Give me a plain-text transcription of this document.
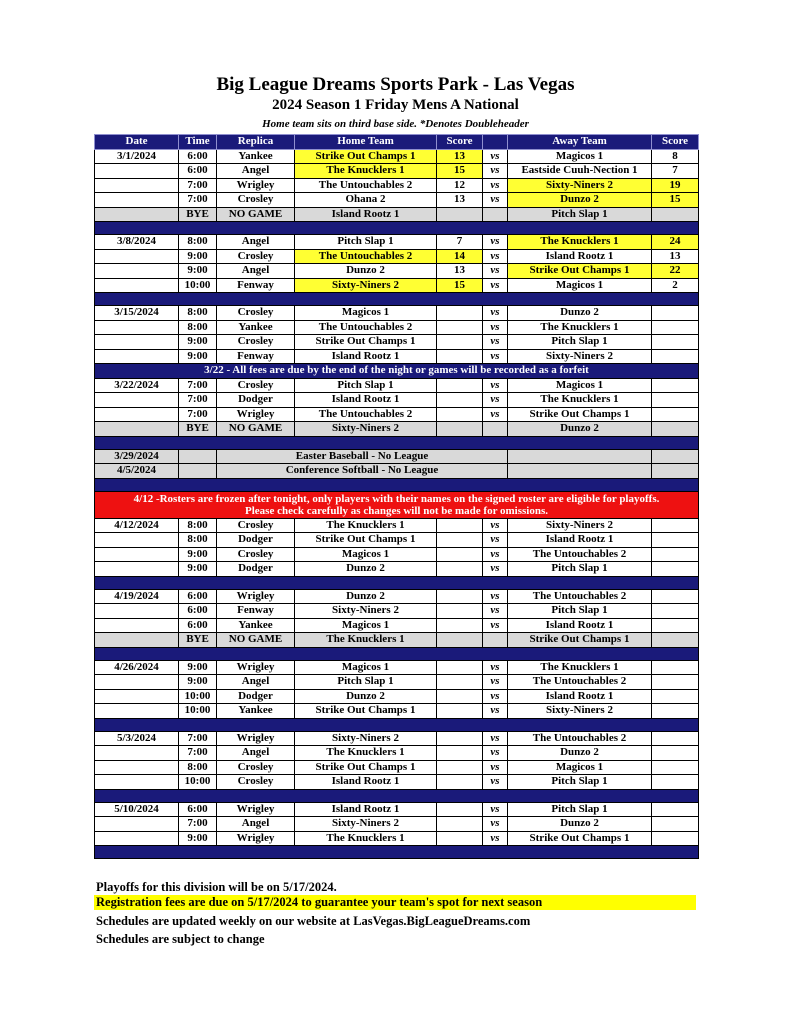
Big League Dreams Sports Park - Las Vegas
2024 Season 1 Friday Mens A National
Home team sits on third base side. *Denotes Doubleheader
Date	Time	Replica	Home Team	Score		Away Team	Score
3/1/2024	6:00	Yankee	Strike Out Champs 1	13	vs	Magicos 1	8
	6:00	Angel	The Knucklers 1	15	vs	Eastside Cuuh-Nection 1	7
	7:00	Wrigley	The Untouchables 2	12	vs	Sixty-Niners 2	19
	7:00	Crosley	Ohana 2	13	vs	Dunzo 2	15
	BYE	NO GAME	Island Rootz 1			Pitch Slap 1	

3/8/2024	8:00	Angel	Pitch Slap 1	7	vs	The Knucklers 1	24
	9:00	Crosley	The Untouchables 2	14	vs	Island Rootz 1	13
	9:00	Angel	Dunzo 2	13	vs	Strike Out Champs 1	22
	10:00	Fenway	Sixty-Niners 2	15	vs	Magicos 1	2

3/15/2024	8:00	Crosley	Magicos 1		vs	Dunzo 2	
	8:00	Yankee	The Untouchables 2		vs	The Knucklers 1	
	9:00	Crosley	Strike Out Champs 1		vs	Pitch Slap 1	
	9:00	Fenway	Island Rootz 1		vs	Sixty-Niners 2	
3/22 - All fees are due by the end of the night or games will be recorded as a forfeit							
3/22/2024	7:00	Crosley	Pitch Slap 1		vs	Magicos 1	
	7:00	Dodger	Island Rootz 1		vs	The Knucklers 1	
	7:00	Wrigley	The Untouchables 2		vs	Strike Out Champs 1	
	BYE	NO GAME	Sixty-Niners 2			Dunzo 2	

3/29/2024		Easter Baseball - No League					
4/5/2024		Conference Softball - No League					

4/12 -Rosters are frozen after tonight, only players with their names on the signed roster are eligible for playoffs.
Please check carefully as changes will not be made for omissions.							

4/12/2024	8:00	Crosley	The Knucklers 1		vs	Sixty-Niners 2	
	8:00	Dodger	Strike Out Champs 1		vs	Island Rootz 1	
	9:00	Crosley	Magicos 1		vs	The Untouchables 2	
	9:00	Dodger	Dunzo 2		vs	Pitch Slap 1	

4/19/2024	6:00	Wrigley	Dunzo 2		vs	The Untouchables 2	
	6:00	Fenway	Sixty-Niners 2		vs	Pitch Slap 1	
	6:00	Yankee	Magicos 1		vs	Island Rootz 1	
	BYE	NO GAME	The Knucklers 1			Strike Out Champs 1	

4/26/2024	9:00	Wrigley	Magicos 1		vs	The Knucklers 1	
	9:00	Angel	Pitch Slap 1		vs	The Untouchables 2	
	10:00	Dodger	Dunzo 2		vs	Island Rootz 1	
	10:00	Yankee	Strike Out Champs 1		vs	Sixty-Niners 2	

5/3/2024	7:00	Wrigley	Sixty-Niners 2		vs	The Untouchables 2	
	7:00	Angel	The Knucklers 1		vs	Dunzo 2	
	8:00	Crosley	Strike Out Champs 1		vs	Magicos 1	
	10:00	Crosley	Island Rootz 1		vs	Pitch Slap 1	

5/10/2024	6:00	Wrigley	Island Rootz 1		vs	Pitch Slap 1	
	7:00	Angel	Sixty-Niners 2		vs	Dunzo 2	
	9:00	Wrigley	The Knucklers 1		vs	Strike Out Champs 1	

Playoffs for this division will be on 5/17/2024.
Registration fees are due on 5/17/2024 to guarantee your team's spot for next season
Schedules are updated weekly on our website at LasVegas.BigLeagueDreams.com
Schedules are subject to change
